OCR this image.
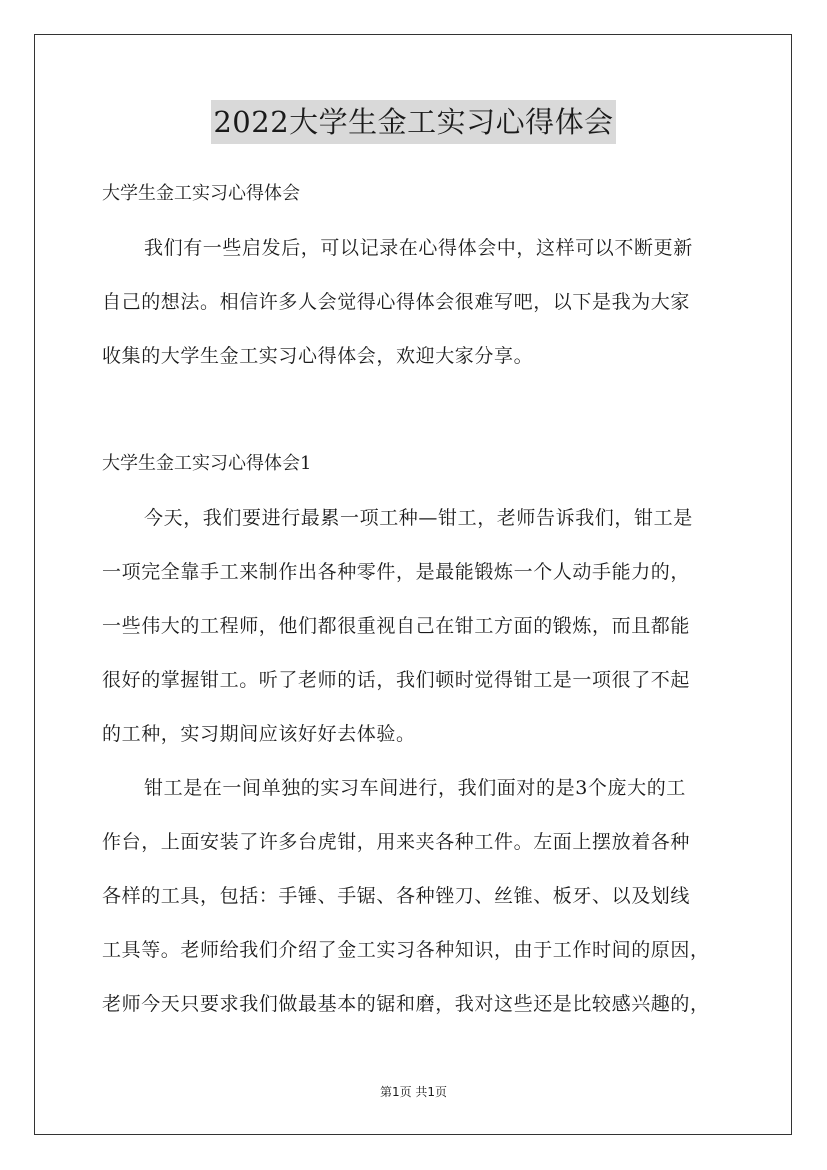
2022大学生金工实习心得体会
大学生金工实习心得体会
我们有一些启发后，可以记录在心得体会中，这样可以不断更新
自己的想法。相信许多人会觉得心得体会很难写吧，以下是我为大家
收集的大学生金工实习心得体会，欢迎大家分享。
大学生金工实习心得体会1
今天，我们要进行最累一项工种—钳工，老师告诉我们，钳工是
一项完全靠手工来制作出各种零件，是最能锻炼一个人动手能力的，
一些伟大的工程师，他们都很重视自己在钳工方面的锻炼，而且都能
很好的掌握钳工。听了老师的话，我们顿时觉得钳工是一项很了不起
的工种，实习期间应该好好去体验。
钳工是在一间单独的实习车间进行，我们面对的是3个庞大的工
作台，上面安装了许多台虎钳，用来夹各种工件。左面上摆放着各种
各样的工具，包括：手锤、手锯、各种锉刀、丝锥、板牙、以及划线
工具等。老师给我们介绍了金工实习各种知识，由于工作时间的原因，
老师今天只要求我们做最基本的锯和磨，我对这些还是比较感兴趣的，
第1页 共1页
